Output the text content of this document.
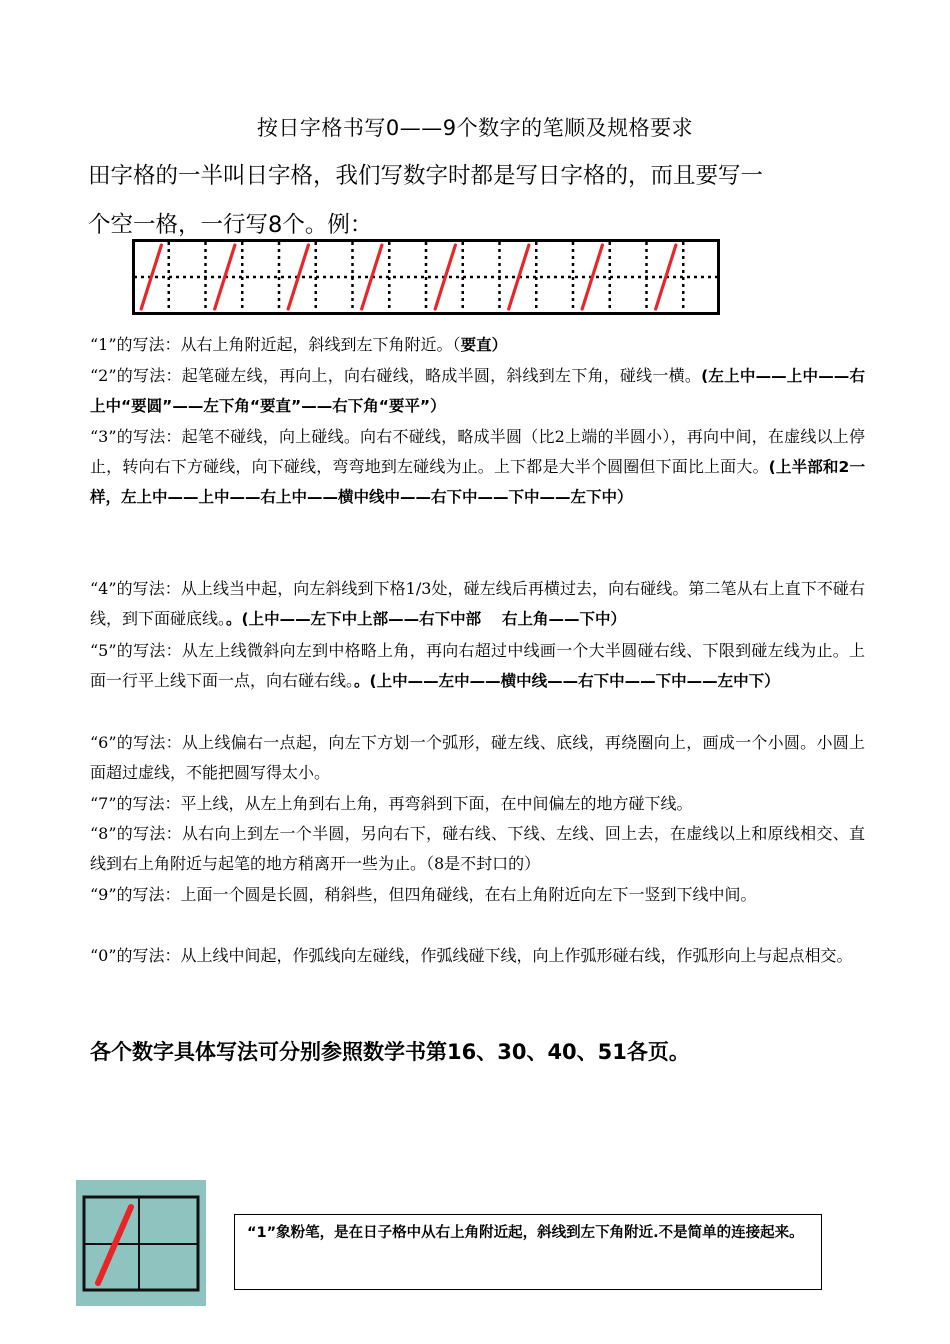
按日字格书写0——9个数字的笔顺及规格要求
田字格的一半叫日字格，我们写数字时都是写日字格的，而且要写一
个空一格，一行写8个。例：

“1”的写法：从右上角附近起，斜线到左下角附近。（要直）

“2”的写法：起笔碰左线，再向上，向右碰线，略成半圆，斜线到左下角，碰线一横。(左上中——上中——右上中“要圆”——左下角“要直”——右下角“要平”）

“3”的写法：起笔不碰线，向上碰线。向右不碰线，略成半圆（比2上端的半圆小），再向中间，在虚线以上停止，转向右下方碰线，向下碰线，弯弯地到左碰线为止。上下都是大半个圆圈但下面比上面大。(上半部和2一样，左上中——上中——右上中——横中线中——右下中——下中——左下中）

“4”的写法：从上线当中起，向左斜线到下格1/3处，碰左线后再横过去，向右碰线。第二笔从右上直下不碰右线，到下面碰底线。。(上中——左下中上部——右下中部　 右上角——下中）

“5”的写法：从左上线微斜向左到中格略上角，再向右超过中线画一个大半圆碰右线、下限到碰左线为止。上面一行平上线下面一点，向右碰右线。。(上中——左中——横中线——右下中——下中——左中下）

“6”的写法：从上线偏右一点起，向左下方划一个弧形，碰左线、底线，再绕圈向上，画成一个小圆。小圆上面超过虚线，不能把圆写得太小。

“7”的写法：平上线，从左上角到右上角，再弯斜到下面，在中间偏左的地方碰下线。

“8”的写法：从右向上到左一个半圆，另向右下，碰右线、下线、左线、回上去，在虚线以上和原线相交、直线到右上角附近与起笔的地方稍离开一些为止。（8是不封口的）

“9”的写法：上面一个圆是长圆，稍斜些，但四角碰线，在右上角附近向左下一竖到下线中间。

“0”的写法：从上线中间起，作弧线向左碰线，作弧线碰下线，向上作弧形碰右线，作弧形向上与起点相交。

各个数字具体写法可分别参照数学书第16、30、40、51各页。
“1”象粉笔，是在日子格中从右上角附近起，斜线到左下角附近.不是简单的连接起来。
